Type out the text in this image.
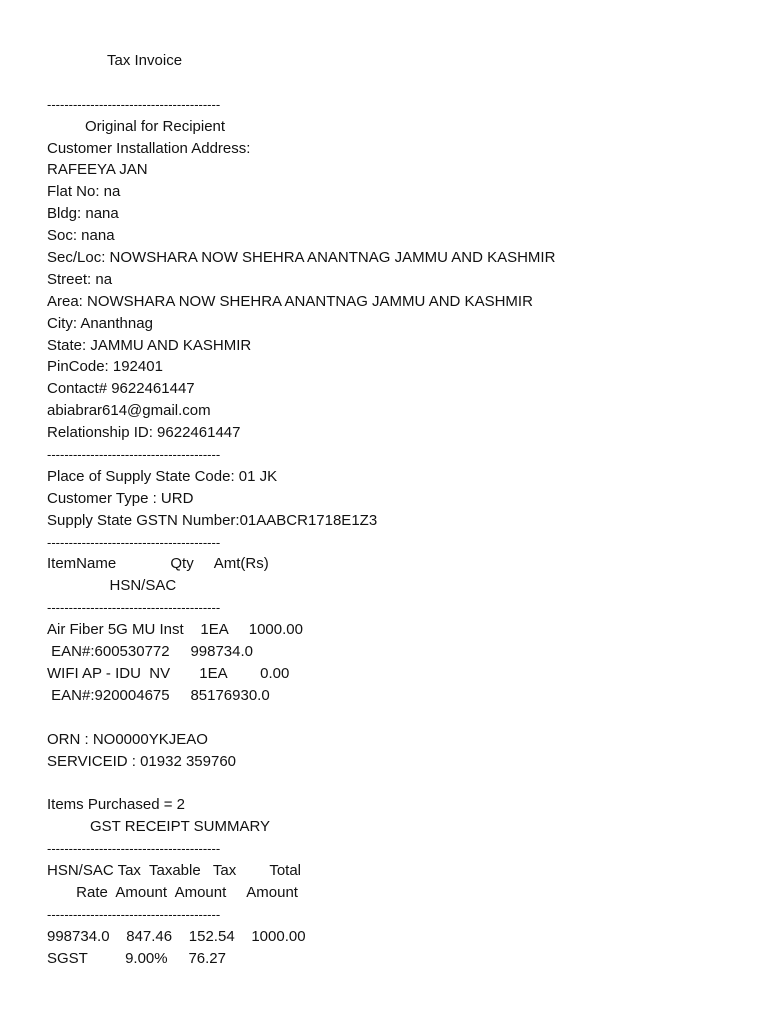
Tax Invoice
----------------------------------------
Original for Recipient
Customer Installation Address:
RAFEEYA JAN
Flat No: na
Bldg: nana
Soc: nana
Sec/Loc: NOWSHARA NOW SHEHRA ANANTNAG JAMMU AND KASHMIR
Street: na
Area: NOWSHARA NOW SHEHRA ANANTNAG JAMMU AND KASHMIR
City: Ananthnag
State: JAMMU AND KASHMIR
PinCode: 192401
Contact# 9622461447
abiabrar614@gmail.com
Relationship ID: 9622461447
----------------------------------------
Place of Supply State Code: 01 JK
Customer Type : URD
Supply State GSTN Number:01AABCR1718E1Z3
----------------------------------------
ItemName             Qty     Amt(Rs)
HSN/SAC
----------------------------------------
Air Fiber 5G MU Inst    1EA     1000.00
EAN#:600530772     998734.0
WIFI AP - IDU  NV       1EA        0.00
EAN#:920004675     85176930.0
ORN : NO0000YKJEAO
SERVICEID : 01932 359760
Items Purchased = 2
GST RECEIPT SUMMARY
----------------------------------------
HSN/SAC Tax  Taxable   Tax        Total
Rate  Amount  Amount     Amount
----------------------------------------
998734.0    847.46    152.54    1000.00
SGST         9.00%     76.27
